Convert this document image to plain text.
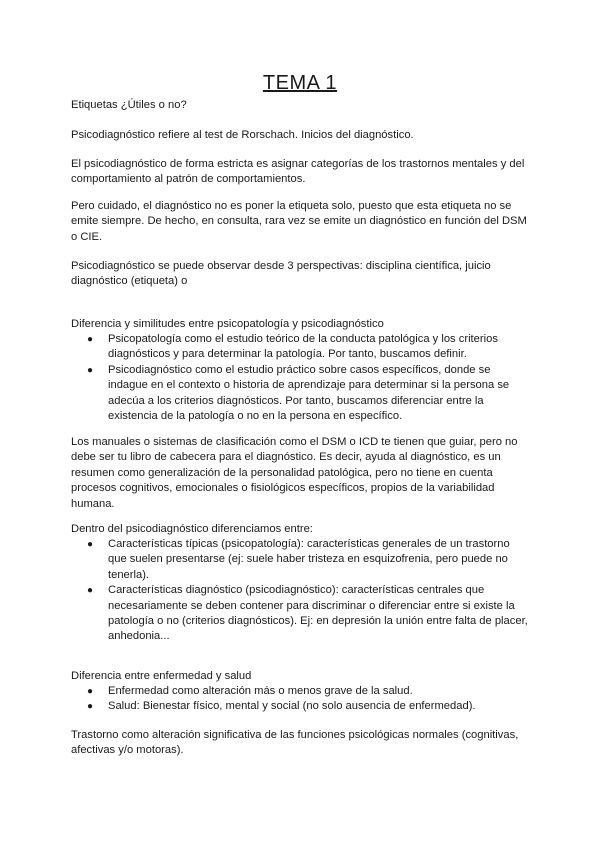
TEMA 1

Etiquetas ¿Útiles o no?

Psicodiagnóstico refiere al test de Rorschach. Inicios del diagnóstico.

El psicodiagnóstico de forma estricta es asignar categorías de los trastornos mentales y del comportamiento al patrón de comportamientos.

Pero cuidado, el diagnóstico no es poner la etiqueta solo, puesto que esta etiqueta no se emite siempre. De hecho, en consulta, rara vez se emite un diagnóstico en función del DSM o CIE.

Psicodiagnóstico se puede observar desde 3 perspectivas: disciplina científica, juicio diagnóstico (etiqueta) o

Diferencia y similitudes entre psicopatología y psicodiagnóstico

● Psicopatología como el estudio teórico de la conducta patológica y los criterios diagnósticos y para determinar la patología. Por tanto, buscamos definir.
● Psicodiagnóstico como el estudio práctico sobre casos específicos, donde se indague en el contexto o historia de aprendizaje para determinar si la persona se adecúa a los criterios diagnósticos. Por tanto, buscamos diferenciar entre la existencia de la patología o no en la persona en específico.

Los manuales o sistemas de clasificación como el DSM o ICD te tienen que guiar, pero no debe ser tu libro de cabecera para el diagnóstico. Es decir, ayuda al diagnóstico, es un resumen como generalización de la personalidad patológica, pero no tiene en cuenta procesos cognitivos, emocionales o fisiológicos específicos, propios de la variabilidad humana.

Dentro del psicodiagnóstico diferenciamos entre:

● Características típicas (psicopatología): características generales de un trastorno que suelen presentarse (ej: suele haber tristeza en esquizofrenia, pero puede no tenerla).
● Características diagnóstico (psicodiagnóstico): características centrales que necesariamente se deben contener para discriminar o diferenciar entre si existe la patología o no (criterios diagnósticos). Ej: en depresión la unión entre falta de placer, anhedonia...

Diferencia entre enfermedad y salud

● Enfermedad como alteración más o menos grave de la salud.
● Salud: Bienestar físico, mental y social (no solo ausencia de enfermedad).

Trastorno como alteración significativa de las funciones psicológicas normales (cognitivas, afectivas y/o motoras).
